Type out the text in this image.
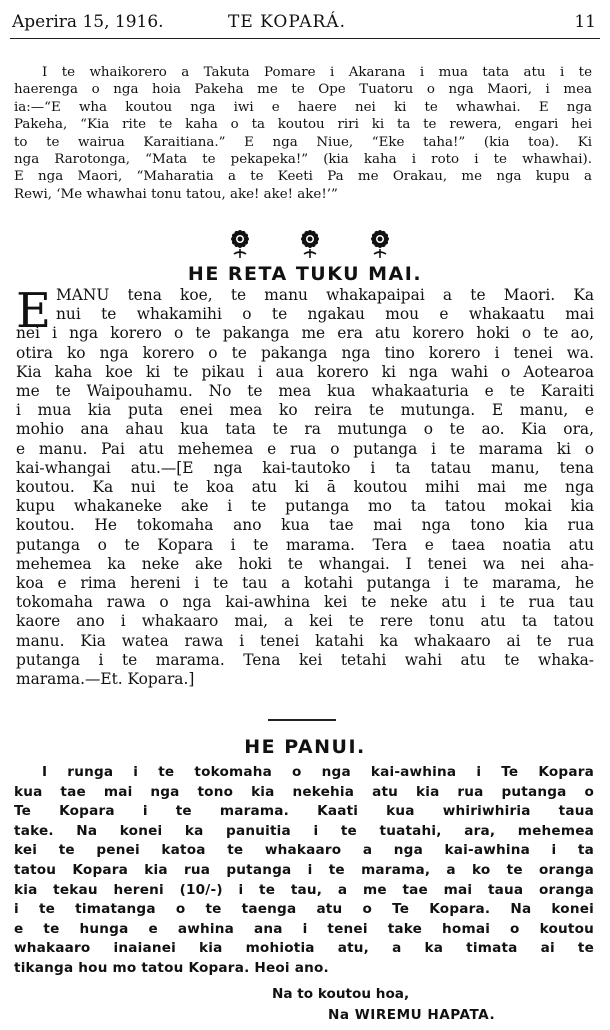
Aperira 15, 1916.	TE KOPARÁ.	11
I te whaikorero a Takuta Pomare i Akarana i mua tata atu i te
haerenga o nga hoia Pakeha me te Ope Tuatoru o nga Maori, i mea
ia:—“E wha koutou nga iwi e haere nei ki te whawhai. E nga
Pakeha, “Kia rite te kaha o ta koutou riri ki ta te rewera, engari hei
to te wairua Karaitiana.” E nga Niue, “Eke taha!” (kia toa). Ki
nga Rarotonga, “Mata te pekapeka!” (kia kaha i roto i te whawhai).
E nga Maori, “Maharatia a te Keeti Pa me Orakau, me nga kupu a
Rewi, ‘Me whawhai tonu tatou, ake! ake! ake!’”
HE RETA TUKU MAI.
E MANU tena koe, te manu whakapaipai a te Maori. Ka
nui te whakamihi o te ngakau mou e whakaatu mai
nei i nga korero o te pakanga me era atu korero hoki o te ao,
otira ko nga korero o te pakanga nga tino korero i tenei wa.
Kia kaha koe ki te pikau i aua korero ki nga wahi o Aotearoa
me te Waipouhamu. No te mea kua whakaaturia e te Karaiti
i mua kia puta enei mea ko reira te mutunga. E manu, e
mohio ana ahau kua tata te ra mutunga o te ao. Kia ora,
e manu. Pai atu mehemea e rua o putanga i te marama ki o
kai-whangai atu.—[E nga kai-tautoko i ta tatau manu, tena
koutou. Ka nui te koa atu ki ā koutou mihi mai me nga
kupu whakaneke ake i te putanga mo ta tatou mokai kia
koutou. He tokomaha ano kua tae mai nga tono kia rua
putanga o te Kopara i te marama. Tera e taea noatia atu
mehemea ka neke ake hoki te whangai. I tenei wa nei aha-
koa e rima hereni i te tau a kotahi putanga i te marama, he
tokomaha rawa o nga kai-awhina kei te neke atu i te rua tau
kaore ano i whakaaro mai, a kei te rere tonu atu ta tatou
manu. Kia watea rawa i tenei katahi ka whakaaro ai te rua
putanga i te marama. Tena kei tetahi wahi atu te whaka-
marama.—Et. Kopara.]
HE PANUI.
I runga i te tokomaha o nga kai-awhina i Te Kopara
kua tae mai nga tono kia nekehia atu kia rua putanga o
Te Kopara i te marama. Kaati kua whiriwhiria taua
take. Na konei ka panuitia i te tuatahi, ara, mehemea
kei te penei katoa te whakaaro a nga kai-awhina i ta
tatou Kopara kia rua putanga i te marama, a ko te oranga
kia tekau hereni (10/-) i te tau, a me tae mai taua oranga
i te timatanga o te taenga atu o Te Kopara. Na konei
e te hunga e awhina ana i tenei take homai o koutou
whakaaro inaianei kia mohiotia atu, a ka timata ai te
tikanga hou mo tatou Kopara. Heoi ano.
Na to koutou hoa,
Na WIREMU HAPATA.
